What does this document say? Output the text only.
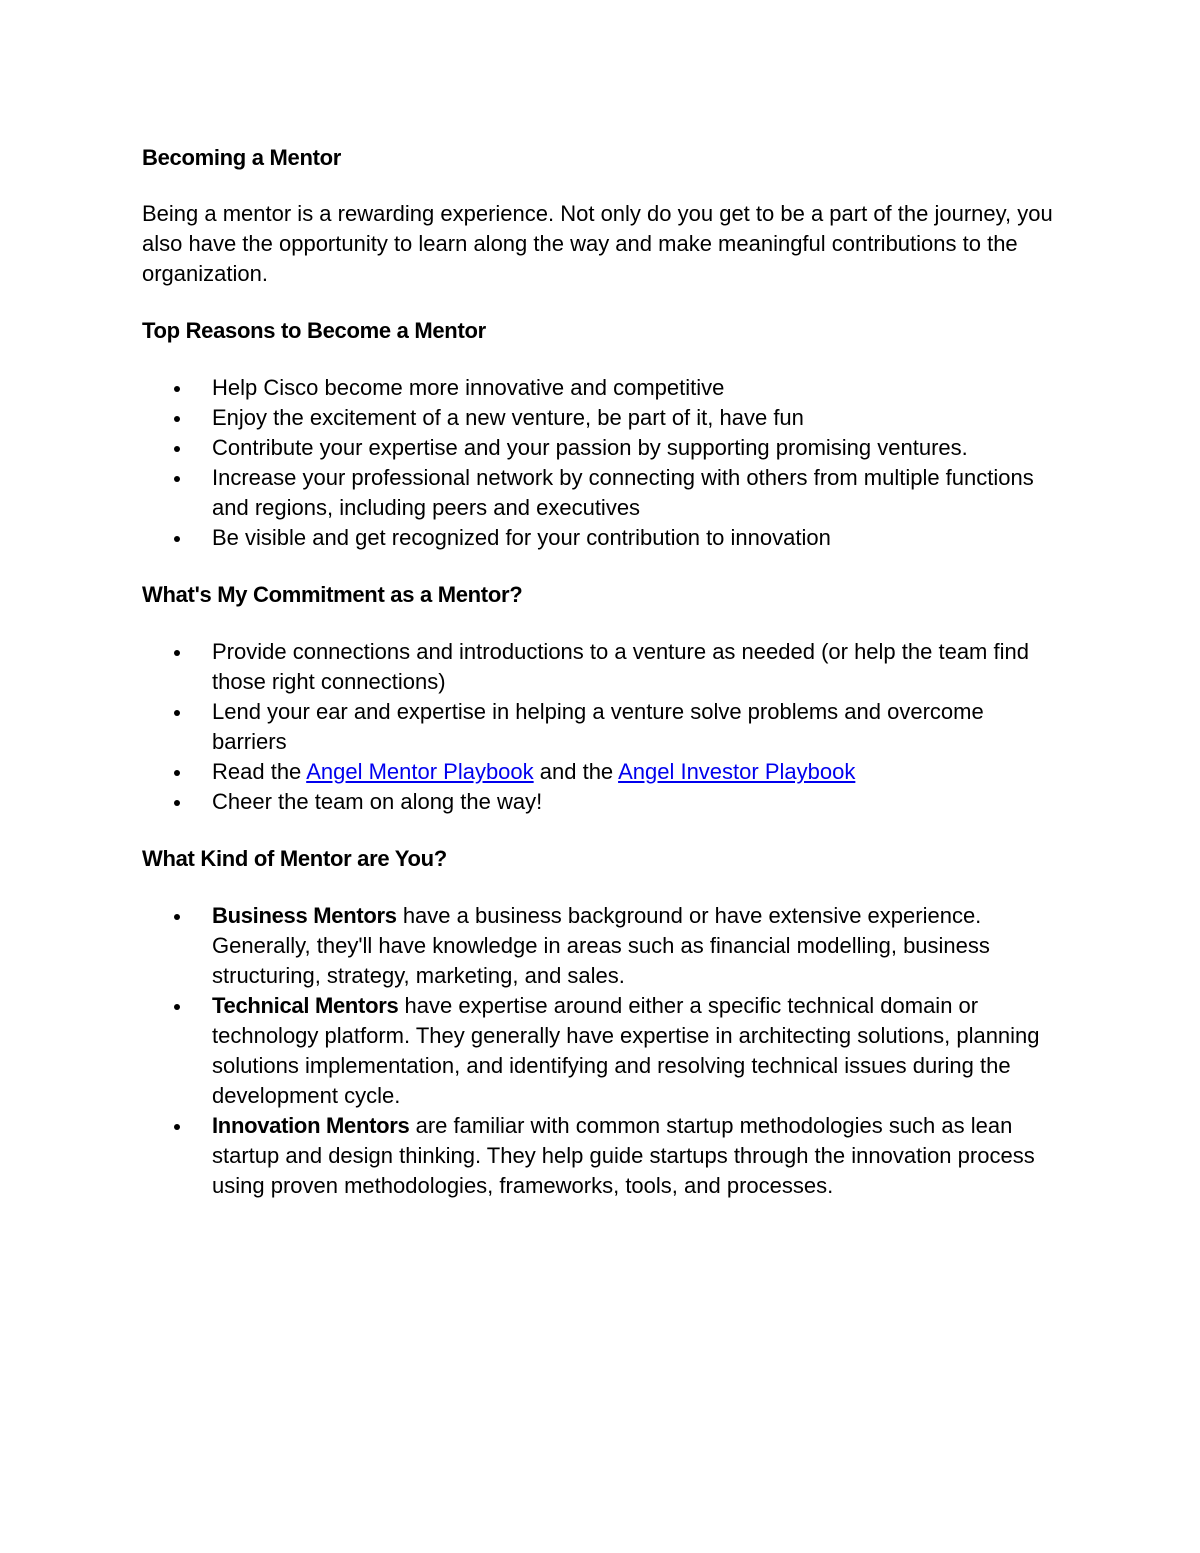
Becoming a Mentor

Being a mentor is a rewarding experience. Not only do you get to be a part of the journey, you also have the opportunity to learn along the way and make meaningful contributions to the organization.

Top Reasons to Become a Mentor
Help Cisco become more innovative and competitive
Enjoy the excitement of a new venture, be part of it, have fun
Contribute your expertise and your passion by supporting promising ventures.
Increase your professional network by connecting with others from multiple functions and regions, including peers and executives
Be visible and get recognized for your contribution to innovation
What's My Commitment as a Mentor?
Provide connections and introductions to a venture as needed (or help the team find those right connections)
Lend your ear and expertise in helping a venture solve problems and overcome barriers
Read the Angel Mentor Playbook and the Angel Investor Playbook
Cheer the team on along the way!
What Kind of Mentor are You?
Business Mentors have a business background or have extensive experience. Generally, they'll have knowledge in areas such as financial modelling, business structuring, strategy, marketing, and sales.
Technical Mentors have expertise around either a specific technical domain or technology platform. They generally have expertise in architecting solutions, planning solutions implementation, and identifying and resolving technical issues during the development cycle.
Innovation Mentors are familiar with common startup methodologies such as lean startup and design thinking. They help guide startups through the innovation process using proven methodologies, frameworks, tools, and processes.
